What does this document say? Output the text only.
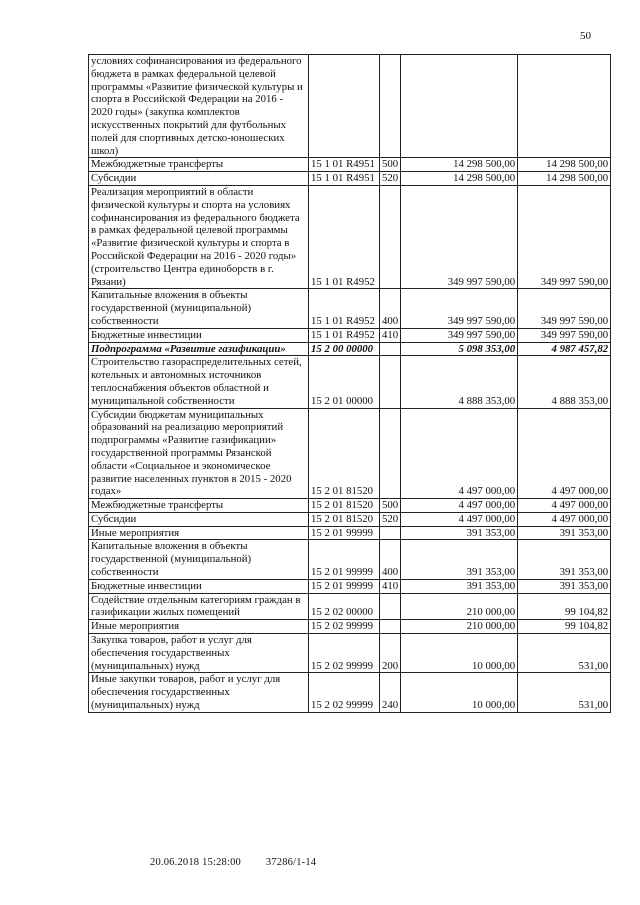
50
условиях софинансирования из федерального бюджета в рамках федеральной целевой программы «Развитие физической культуры и спорта в Российской Федерации на 2016 - 2020 годы» (закупка комплектов искусственных покрытий для футбольных полей для спортивных детско-юношеских школ)				
Межбюджетные трансферты	15 1 01 R4951	500	14 298 500,00	14 298 500,00
Субсидии	15 1 01 R4951	520	14 298 500,00	14 298 500,00
Реализация мероприятий в области физической культуры и спорта на условиях софинансирования из федерального бюджета в рамках федеральной целевой программы «Развитие физической культуры и спорта в Российской Федерации на 2016 - 2020 годы» (строительство Центра единоборств в г. Рязани)	15 1 01 R4952		349 997 590,00	349 997 590,00
Капитальные вложения в объекты государственной (муниципальной) собственности	15 1 01 R4952	400	349 997 590,00	349 997 590,00
Бюджетные инвестиции	15 1 01 R4952	410	349 997 590,00	349 997 590,00
Подпрограмма «Развитие газификации»	15 2 00 00000		5 098 353,00	4 987 457,82
Строительство газораспределительных сетей, котельных и автономных источников теплоснабжения объектов областной и муниципальной собственности	15 2 01 00000		4 888 353,00	4 888 353,00
Субсидии бюджетам муниципальных образований на реализацию мероприятий подпрограммы «Развитие газификации» государственной программы Рязанской области «Социальное и экономическое развитие населенных пунктов в 2015 - 2020 годах»	15 2 01 81520		4 497 000,00	4 497 000,00
Межбюджетные трансферты	15 2 01 81520	500	4 497 000,00	4 497 000,00
Субсидии	15 2 01 81520	520	4 497 000,00	4 497 000,00
Иные мероприятия	15 2 01 99999		391 353,00	391 353,00
Капитальные вложения в объекты государственной (муниципальной) собственности	15 2 01 99999	400	391 353,00	391 353,00
Бюджетные инвестиции	15 2 01 99999	410	391 353,00	391 353,00
Содействие отдельным категориям граждан в газификации жилых помещений	15 2 02 00000		210 000,00	99 104,82
Иные мероприятия	15 2 02 99999		210 000,00	99 104,82
Закупка товаров, работ и услуг для обеспечения государственных (муниципальных) нужд	15 2 02 99999	200	10 000,00	531,00
Иные закупки товаров, работ и услуг для обеспечения государственных (муниципальных) нужд	15 2 02 99999	240	10 000,00	531,00
20.06.2018 15:28:00 37286/1-14
